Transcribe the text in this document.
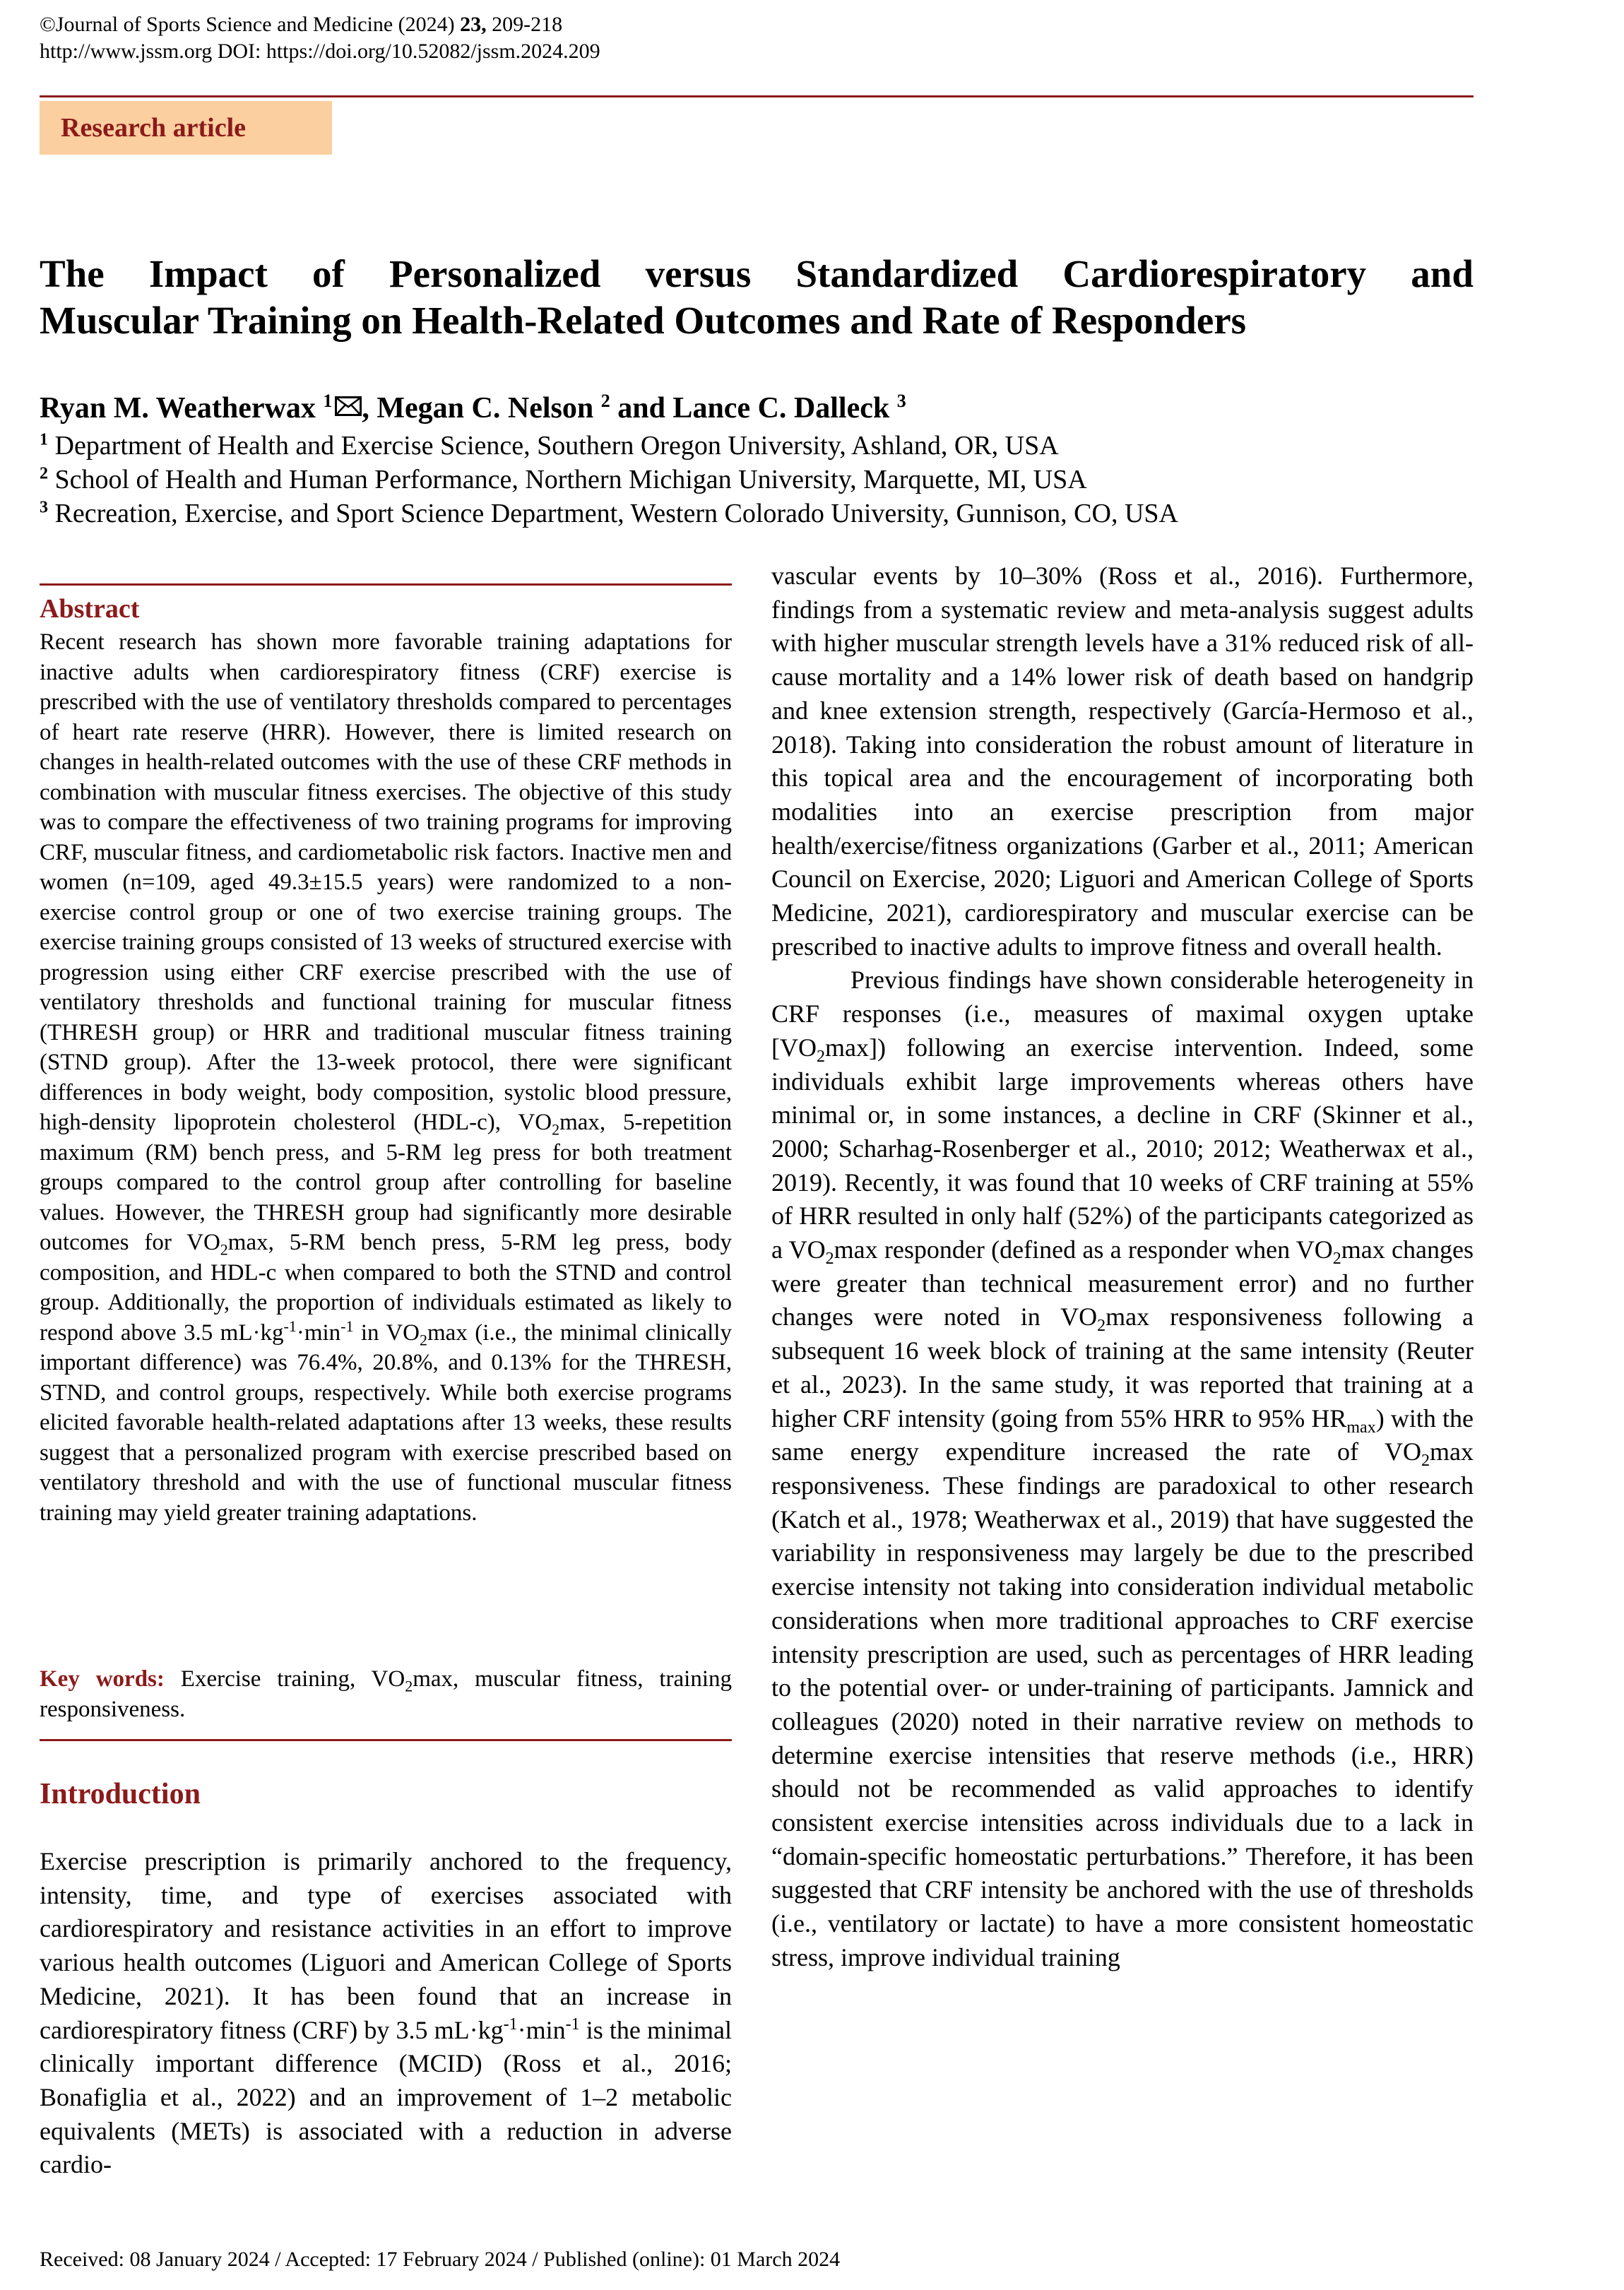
©Journal of Sports Science and Medicine (2024) 23, 209-218
http://www.jssm.org DOI: https://doi.org/10.52082/jssm.2024.209
Research article
The Impact of Personalized versus Standardized Cardiorespiratory and
Muscular Training on Health-Related Outcomes and Rate of Responders
Ryan M. Weatherwax $^1$ , Megan C. Nelson $^2$ and Lance C. Dalleck $^3$
$^1$ Department of Health and Exercise Science, Southern Oregon University, Ashland, OR, USA
$^2$ School of Health and Human Performance, Northern Michigan University, Marquette, MI, USA
$^3$ Recreation, Exercise, and Sport Science Department, Western Colorado University, Gunnison, CO, USA
Abstract

Recent research has shown more favorable training adaptations for inactive adults when cardiorespiratory fitness (CRF) exercise is prescribed with the use of ventilatory thresholds compared to percentages of heart rate reserve (HRR). However, there is limited research on changes in health-related outcomes with the use of these CRF methods in combination with muscular fitness exercises. The objective of this study was to compare the effectiveness of two training programs for improving CRF, muscular fitness, and cardiometabolic risk factors. Inactive men and women (n=109, aged 49.3±15.5 years) were randomized to a non-exercise control group or one of two exercise training groups. The exercise training groups consisted of 13 weeks of structured exercise with progression using either CRF exercise prescribed with the use of ventilatory thresholds and functional training for muscular fitness (THRESH group) or HRR and traditional muscular fitness training (STND group). After the 13-week protocol, there were significant differences in body weight, body composition, systolic blood pressure, high-density lipoprotein cholesterol (HDL-c), $VO_2\max$, 5-repetition maximum (RM) bench press, and 5-RM leg press for both treatment groups compared to the control group after controlling for baseline values. However, the THRESH group had significantly more desirable outcomes for $VO_2\max$, 5-RM bench press, 5-RM leg press, body composition, and HDL-c when compared to both the STND and control group. Additionally, the proportion of individuals estimated as likely to respond above 3.5 $mL\cdot kg^{-1}\cdot\min^{-1}$ in $VO_2\max$ (i.e., the minimal clinically important difference) was 76.4%, 20.8%, and 0.13% for the THRESH, STND, and control groups, respectively. While both exercise programs elicited favorable health-related adaptations after 13 weeks, these results suggest that a personalized program with exercise prescribed based on ventilatory threshold and with the use of functional muscular fitness training may yield greater training adaptations.

Key words: Exercise training, $VO_2\max$, muscular fitness, training responsiveness.

Introduction

Exercise prescription is primarily anchored to the frequency, intensity, time, and type of exercises associated with cardiorespiratory and resistance activities in an effort to improve various health outcomes (Liguori and American College of Sports Medicine, 2021). It has been found that an increase in cardiorespiratory fitness (CRF) by 3.5 $mL\cdot kg^{-1}\cdot\min^{-1}$ is the minimal clinically important difference (MCID) (Ross et al., 2016; Bonafiglia et al., 2022) and an improvement of 1–2 metabolic equivalents (METs) is associated with a reduction in adverse cardio-

vascular events by 10–30% (Ross et al., 2016). Furthermore, findings from a systematic review and meta-analysis suggest adults with higher muscular strength levels have a 31% reduced risk of all-cause mortality and a 14% lower risk of death based on handgrip and knee extension strength, respectively (García-Hermoso et al., 2018). Taking into consideration the robust amount of literature in this topical area and the encouragement of incorporating both modalities into an exercise prescription from major health/exercise/fitness organizations (Garber et al., 2011; American Council on Exercise, 2020; Liguori and American College of Sports Medicine, 2021), cardiorespiratory and muscular exercise can be prescribed to inactive adults to improve fitness and overall health.

Previous findings have shown considerable heterogeneity in CRF responses (i.e., measures of maximal oxygen uptake $[VO_2\max]$) following an exercise intervention. Indeed, some individuals exhibit large improvements whereas others have minimal or, in some instances, a decline in CRF (Skinner et al., 2000; Scharhag-Rosenberger et al., 2010; 2012; Weatherwax et al., 2019). Recently, it was found that 10 weeks of CRF training at 55% of HRR resulted in only half (52%) of the participants categorized as a $VO_2\max$ responder (defined as a responder when $VO_2\max$ changes were greater than technical measurement error) and no further changes were noted in $VO_2\max$ responsiveness following a subsequent 16 week block of training at the same intensity (Reuter et al., 2023). In the same study, it was reported that training at a higher CRF intensity (going from 55% HRR to 95% $HR_{max}$) with the same energy expenditure increased the rate of $VO_2\max$ responsiveness. These findings are paradoxical to other research (Katch et al., 1978; Weatherwax et al., 2019) that have suggested the variability in responsiveness may largely be due to the prescribed exercise intensity not taking into consideration individual metabolic considerations when more traditional approaches to CRF exercise intensity prescription are used, such as percentages of HRR leading to the potential over- or under-training of participants. Jamnick and colleagues (2020) noted in their narrative review on methods to determine exercise intensities that reserve methods (i.e., HRR) should not be recommended as valid approaches to identify consistent exercise intensities across individuals due to a lack in “domain-specific homeostatic perturbations.” Therefore, it has been suggested that CRF intensity be anchored with the use of thresholds (i.e., ventilatory or lactate) to have a more consistent homeostatic stress, improve individual training

Received: 08 January 2024 / Accepted: 17 February 2024 / Published (online): 01 March 2024
